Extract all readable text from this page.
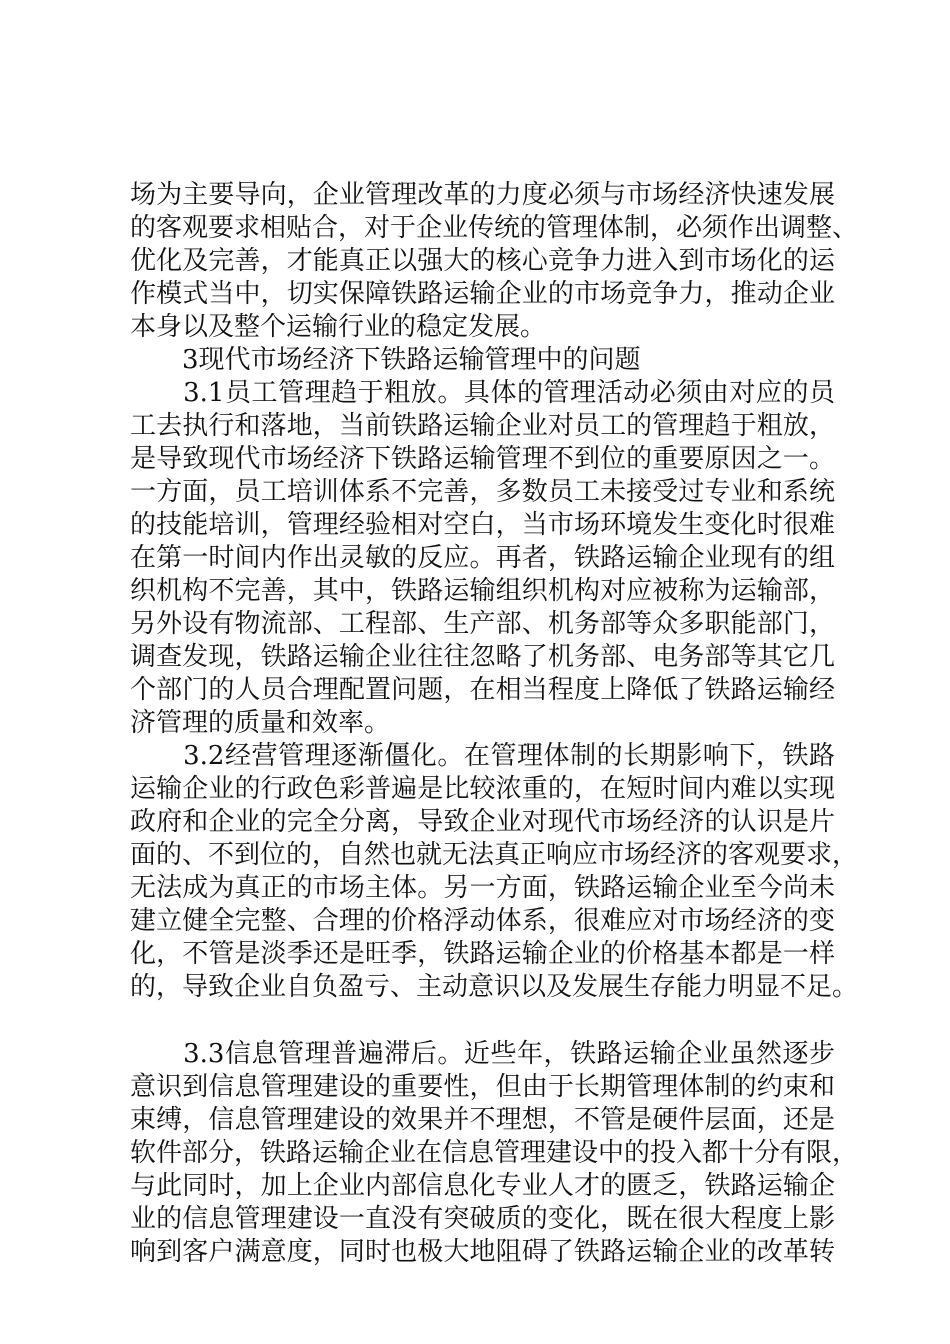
场为主要导向，企业管理改革的力度必须与市场经济快速发展
的客观要求相贴合，对于企业传统的管理体制，必须作出调整、
优化及完善，才能真正以强大的核心竞争力进入到市场化的运
作模式当中，切实保障铁路运输企业的市场竞争力，推动企业
本身以及整个运输行业的稳定发展。
　　3现代市场经济下铁路运输管理中的问题
　　3.1员工管理趋于粗放。具体的管理活动必须由对应的员
工去执行和落地，当前铁路运输企业对员工的管理趋于粗放，
是导致现代市场经济下铁路运输管理不到位的重要原因之一。
一方面，员工培训体系不完善，多数员工未接受过专业和系统
的技能培训，管理经验相对空白，当市场环境发生变化时很难
在第一时间内作出灵敏的反应。再者，铁路运输企业现有的组
织机构不完善，其中，铁路运输组织机构对应被称为运输部，
另外设有物流部、工程部、生产部、机务部等众多职能部门，
调查发现，铁路运输企业往往忽略了机务部、电务部等其它几
个部门的人员合理配置问题，在相当程度上降低了铁路运输经
济管理的质量和效率。
　　3.2经营管理逐渐僵化。在管理体制的长期影响下，铁路
运输企业的行政色彩普遍是比较浓重的，在短时间内难以实现
政府和企业的完全分离，导致企业对现代市场经济的认识是片
面的、不到位的，自然也就无法真正响应市场经济的客观要求，
无法成为真正的市场主体。另一方面，铁路运输企业至今尚未
建立健全完整、合理的价格浮动体系，很难应对市场经济的变
化，不管是淡季还是旺季，铁路运输企业的价格基本都是一样
的，导致企业自负盈亏、主动意识以及发展生存能力明显不足。
　　3.3信息管理普遍滞后。近些年，铁路运输企业虽然逐步
意识到信息管理建设的重要性，但由于长期管理体制的约束和
束缚，信息管理建设的效果并不理想，不管是硬件层面，还是
软件部分，铁路运输企业在信息管理建设中的投入都十分有限，
与此同时，加上企业内部信息化专业人才的匮乏，铁路运输企
业的信息管理建设一直没有突破质的变化，既在很大程度上影
响到客户满意度，同时也极大地阻碍了铁路运输企业的改革转
